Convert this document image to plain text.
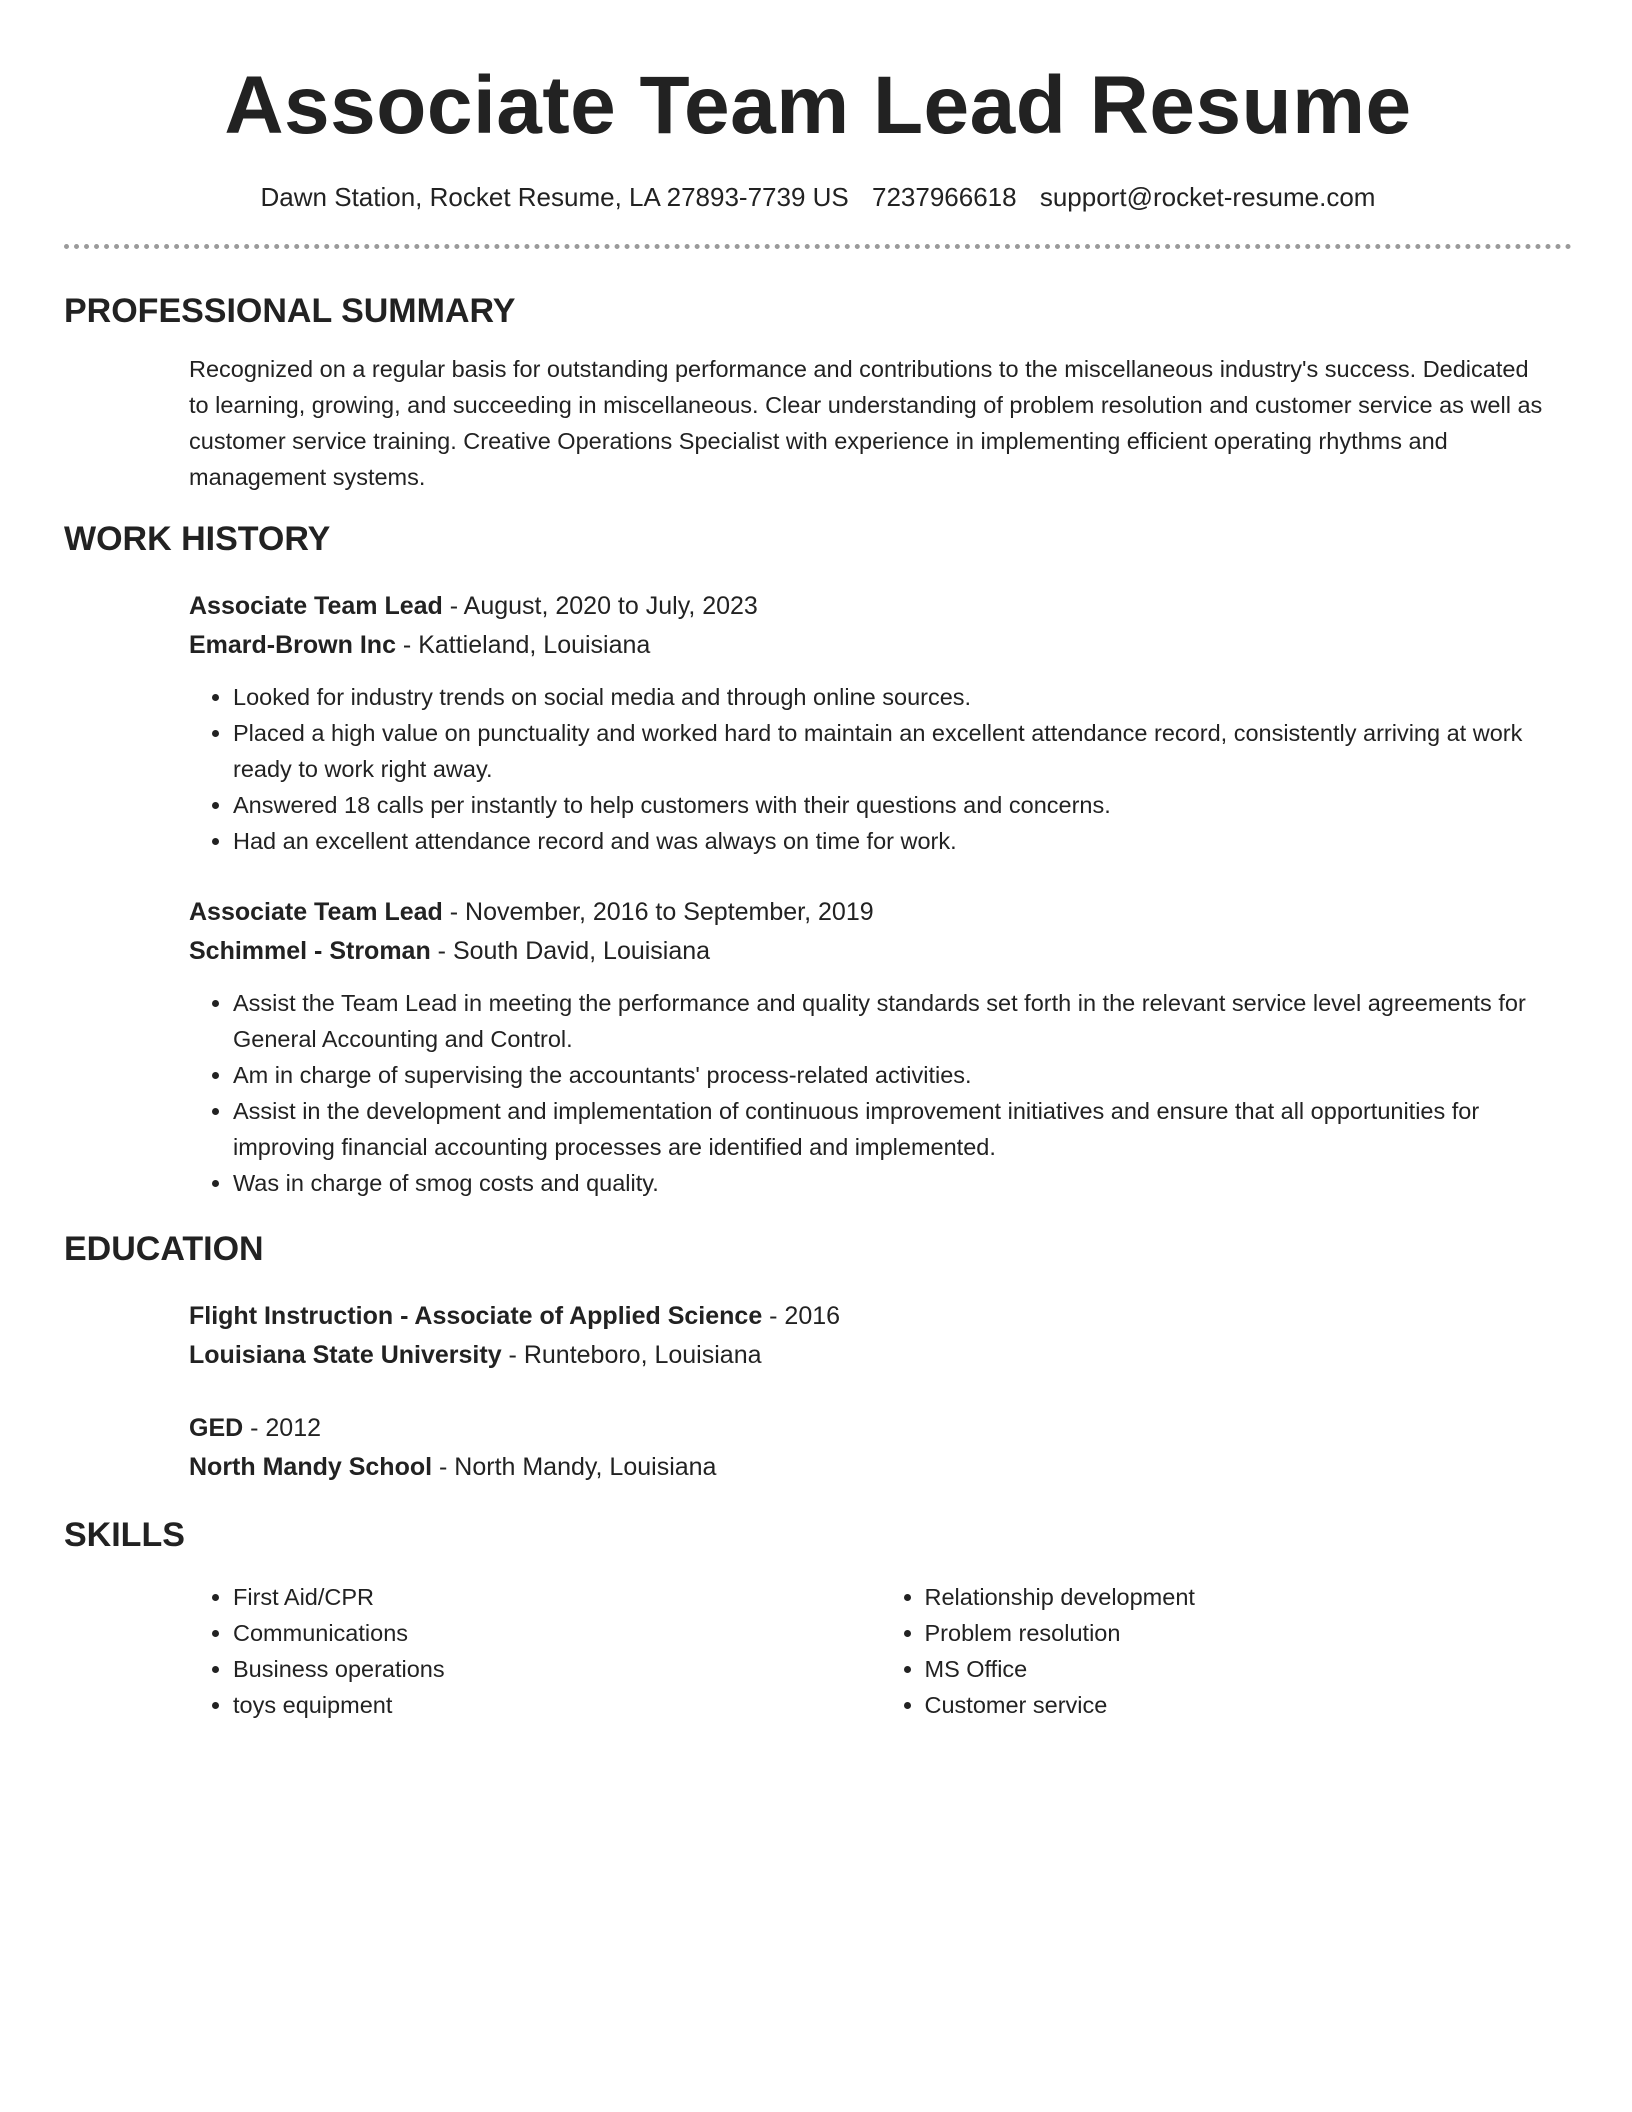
Associate Team Lead Resume
Dawn Station, Rocket Resume, LA 27893-7739 US 7237966618 support@rocket-resume.com
PROFESSIONAL SUMMARY

Recognized on a regular basis for outstanding performance and contributions to the miscellaneous industry's success. Dedicated to learning, growing, and succeeding in miscellaneous. Clear understanding of problem resolution and customer service as well as customer service training. Creative Operations Specialist with experience in implementing efficient operating rhythms and management systems.

WORK HISTORY
Associate Team Lead - August, 2020 to July, 2023
Emard-Brown Inc - Kattieland, Louisiana
• Looked for industry trends on social media and through online sources.
• Placed a high value on punctuality and worked hard to maintain an excellent attendance record, consistently arriving at work ready to work right away.
• Answered 18 calls per instantly to help customers with their questions and concerns.
• Had an excellent attendance record and was always on time for work.
Associate Team Lead - November, 2016 to September, 2019
Schimmel - Stroman - South David, Louisiana
• Assist the Team Lead in meeting the performance and quality standards set forth in the relevant service level agreements for General Accounting and Control.
• Am in charge of supervising the accountants' process-related activities.
• Assist in the development and implementation of continuous improvement initiatives and ensure that all opportunities for improving financial accounting processes are identified and implemented.
• Was in charge of smog costs and quality.
EDUCATION
Flight Instruction - Associate of Applied Science - 2016
Louisiana State University - Runteboro, Louisiana
GED - 2012
North Mandy School - North Mandy, Louisiana
SKILLS
• First Aid/CPR
• Communications
• Business operations
• toys equipment
• Relationship development
• Problem resolution
• MS Office
• Customer service
